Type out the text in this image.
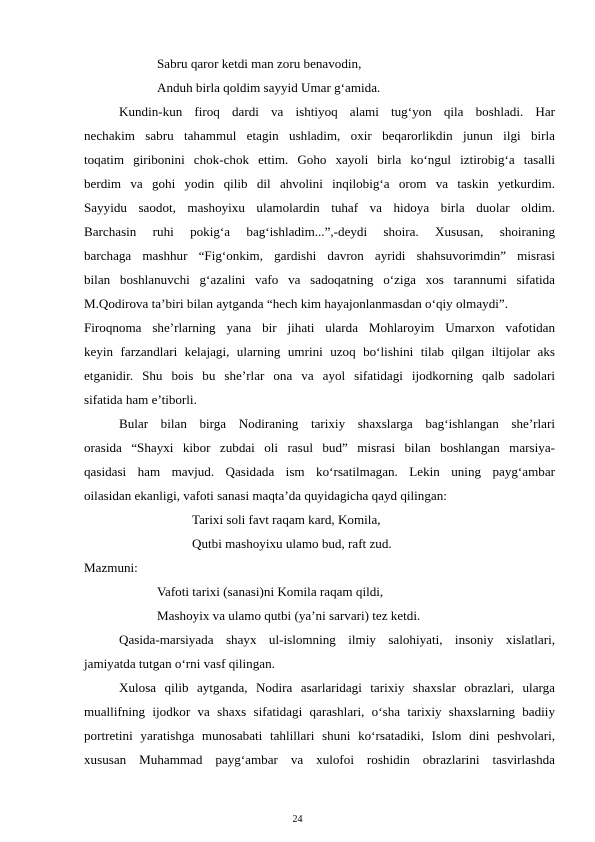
Sabru qaror ketdi man zoru benavodin,
Anduh birla qoldim sayyid Umar g‘amida.
Kundin-kun firoq dardi va ishtiyoq alami tug‘yon qila boshladi. Har
nechakim sabru tahammul etagin ushladim, oxir beqarorlikdin junun ilgi birla
toqatim giribonini chok-chok ettim. Goho xayoli birla ko‘ngul iztirobig‘a tasalli
berdim va gohi yodin qilib dil ahvolini inqilobig‘a orom va taskin yetkurdim.
Sayyidu saodot, mashoyixu ulamolardin tuhaf va hidoya birla duolar oldim.
Barchasin ruhi pokig‘a bag‘ishladim...”,-deydi shoira. Xususan, shoiraning
barchaga mashhur “Fig‘onkim, gardishi davron ayridi shahsuvorimdin” misrasi
bilan boshlanuvchi g‘azalini vafo va sadoqatning o‘ziga xos tarannumi sifatida
M.Qodirova ta’biri bilan aytganda “hech kim hayajonlanmasdan o‘qiy olmaydi”.
Firoqnoma she’rlarning yana bir jihati ularda Mohlaroyim Umarxon vafotidan
keyin farzandlari kelajagi, ularning umrini uzoq bo‘lishini tilab qilgan iltijolar aks
etganidir. Shu bois bu she’rlar ona va ayol sifatidagi ijodkorning qalb sadolari
sifatida ham e’tiborli.
Bular bilan birga Nodiraning tarixiy shaxslarga bag‘ishlangan she’rlari
orasida “Shayxi kibor zubdai oli rasul bud” misrasi bilan boshlangan marsiya-
qasidasi ham mavjud. Qasidada ism ko‘rsatilmagan. Lekin uning payg‘ambar
oilasidan ekanligi, vafoti sanasi maqta’da quyidagicha qayd qilingan:
Tarixi soli favt raqam kard, Komila,
Qutbi mashoyixu ulamo bud, raft zud.
Mazmuni:
Vafoti tarixi (sanasi)ni Komila raqam qildi,
Mashoyix va ulamo qutbi (ya’ni sarvari) tez ketdi.
Qasida-marsiyada shayx ul-islomning ilmiy salohiyati, insoniy xislatlari,
jamiyatda tutgan o‘rni vasf qilingan.
Xulosa qilib aytganda, Nodira asarlaridagi tarixiy shaxslar obrazlari, ularga
muallifning ijodkor va shaxs sifatidagi qarashlari, o‘sha tarixiy shaxslarning badiiy
portretini yaratishga munosabati tahlillari shuni ko‘rsatadiki, Islom dini peshvolari,
xususan Muhammad payg‘ambar va xulofoi roshidin obrazlarini tasvirlashda
24
